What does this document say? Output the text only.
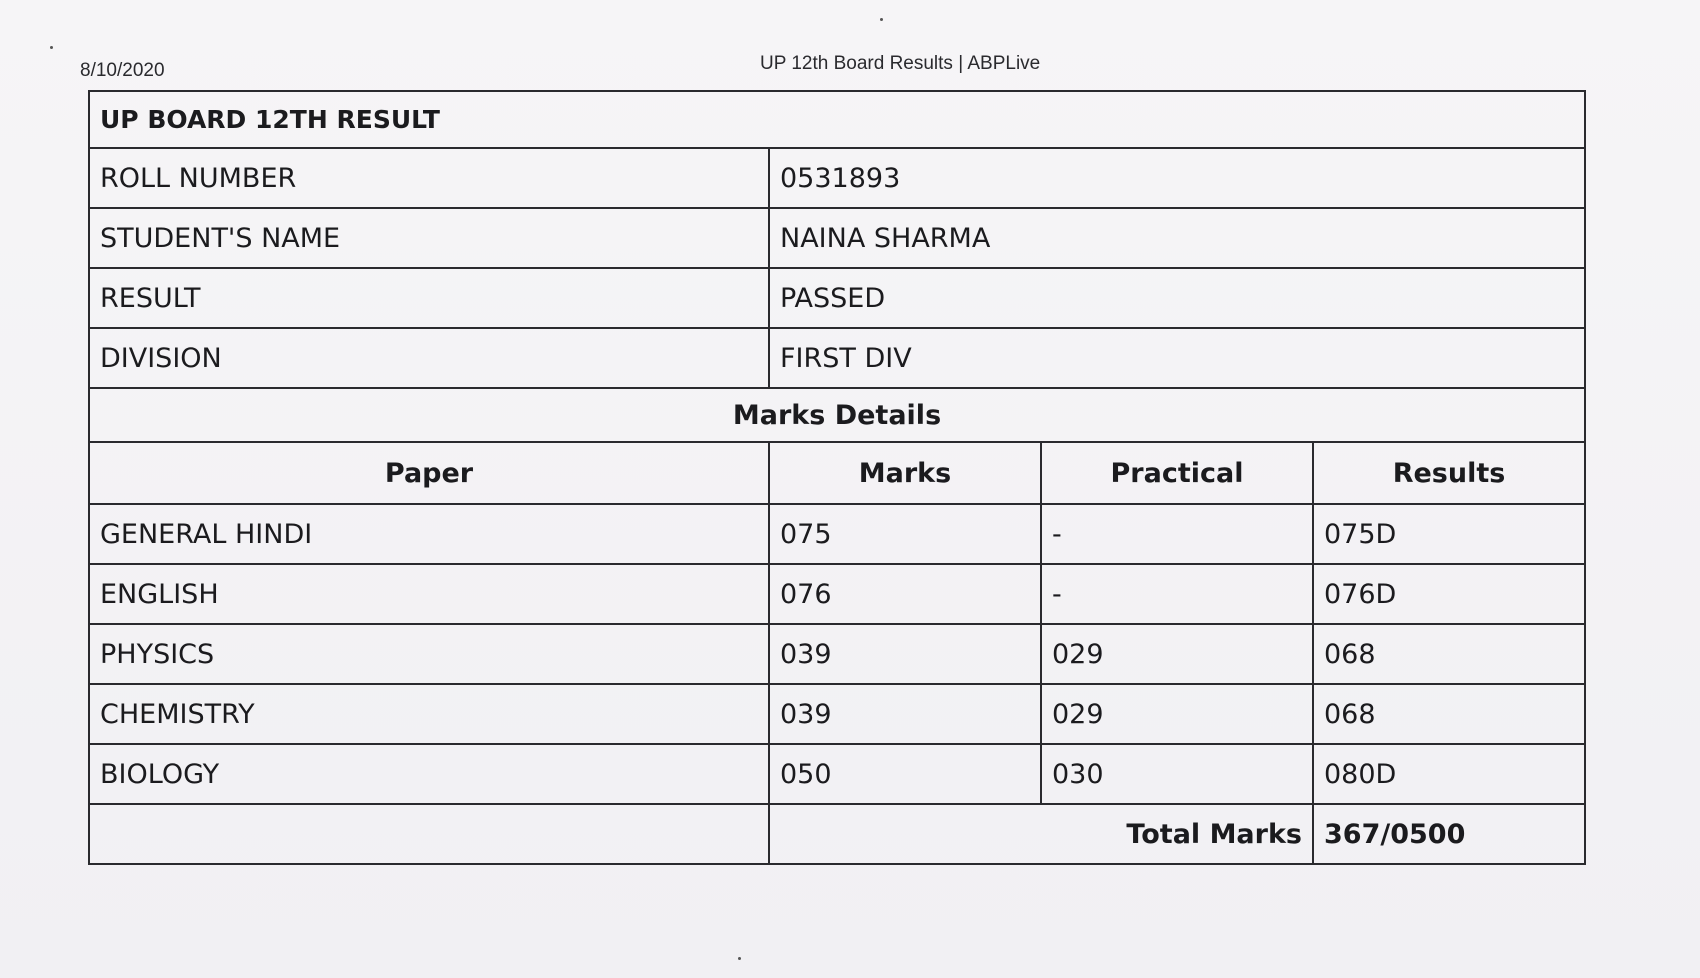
8/10/2020	UP 12th Board Results | ABPLive
UP BOARD 12TH RESULT			
ROLL NUMBER	0531893		
STUDENT'S NAME	NAINA SHARMA		
RESULT	PASSED		
DIVISION	FIRST DIV		
Marks Details			
Paper	Marks	Practical	Results
GENERAL HINDI	075	-	075D
ENGLISH	076	-	076D
PHYSICS	039	029	068
CHEMISTRY	039	029	068
BIOLOGY	050	030	080D
	Total Marks		367/0500
